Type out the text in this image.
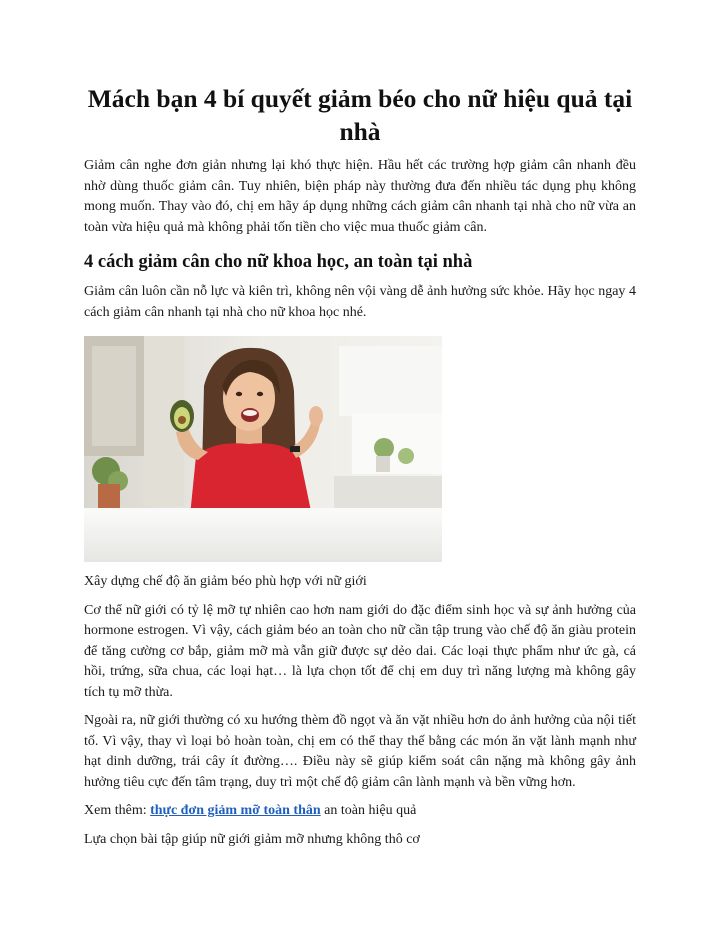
Mách bạn 4 bí quyết giảm béo cho nữ hiệu quả tại nhà

Giảm cân nghe đơn giản nhưng lại khó thực hiện. Hầu hết các trường hợp giảm cân nhanh đều nhờ dùng thuốc giảm cân. Tuy nhiên, biện pháp này thường đưa đến nhiều tác dụng phụ không mong muốn. Thay vào đó, chị em hãy áp dụng những cách giảm cân nhanh tại nhà cho nữ vừa an toàn vừa hiệu quả mà không phải tốn tiền cho việc mua thuốc giảm cân.

4 cách giảm cân cho nữ khoa học, an toàn tại nhà

Giảm cân luôn cần nỗ lực và kiên trì, không nên vội vàng dễ ảnh hưởng sức khỏe. Hãy học ngay 4 cách giảm cân nhanh tại nhà cho nữ khoa học nhé.

Xây dựng chế độ ăn giảm béo phù hợp với nữ giới

Cơ thể nữ giới có tỷ lệ mỡ tự nhiên cao hơn nam giới do đặc điểm sinh học và sự ảnh hưởng của hormone estrogen. Vì vậy, cách giảm béo an toàn cho nữ cần tập trung vào chế độ ăn giàu protein để tăng cường cơ bắp, giảm mỡ mà vẫn giữ được sự dẻo dai. Các loại thực phẩm như ức gà, cá hồi, trứng, sữa chua, các loại hạt… là lựa chọn tốt để chị em duy trì năng lượng mà không gây tích tụ mỡ thừa.

Ngoài ra, nữ giới thường có xu hướng thèm đồ ngọt và ăn vặt nhiều hơn do ảnh hưởng của nội tiết tố. Vì vậy, thay vì loại bỏ hoàn toàn, chị em có thể thay thế bằng các món ăn vặt lành mạnh như hạt dinh dưỡng, trái cây ít đường…. Điều này sẽ giúp kiểm soát cân nặng mà không gây ảnh hưởng tiêu cực đến tâm trạng, duy trì một chế độ giảm cân lành mạnh và bền vững hơn.

Xem thêm: thực đơn giảm mỡ toàn thân an toàn hiệu quả

Lựa chọn bài tập giúp nữ giới giảm mỡ nhưng không thô cơ
